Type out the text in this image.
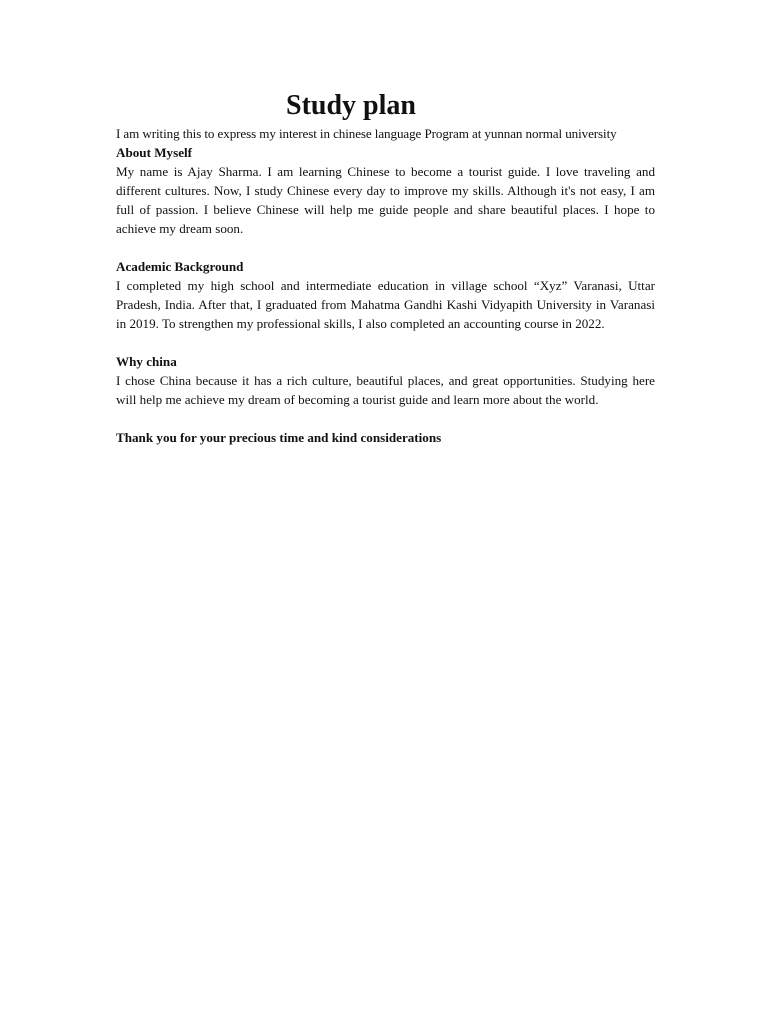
Study plan

I am writing this to express my interest in chinese language Program at yunnan normal university

About Myself

My name is Ajay Sharma. I am learning Chinese to become a tourist guide. I love traveling and different cultures. Now, I study Chinese every day to improve my skills. Although it's not easy, I am full of passion. I believe Chinese will help me guide people and share beautiful places. I hope to achieve my dream soon.

Academic Background

I completed my high school and intermediate education in village school “Xyz” Varanasi, Uttar Pradesh, India. After that, I graduated from Mahatma Gandhi Kashi Vidyapith University in Varanasi in 2019. To strengthen my professional skills, I also completed an accounting course in 2022.

Why china

I chose China because it has a rich culture, beautiful places, and great opportunities. Studying here will help me achieve my dream of becoming a tourist guide and learn more about the world.

Thank you for your precious time and kind considerations
